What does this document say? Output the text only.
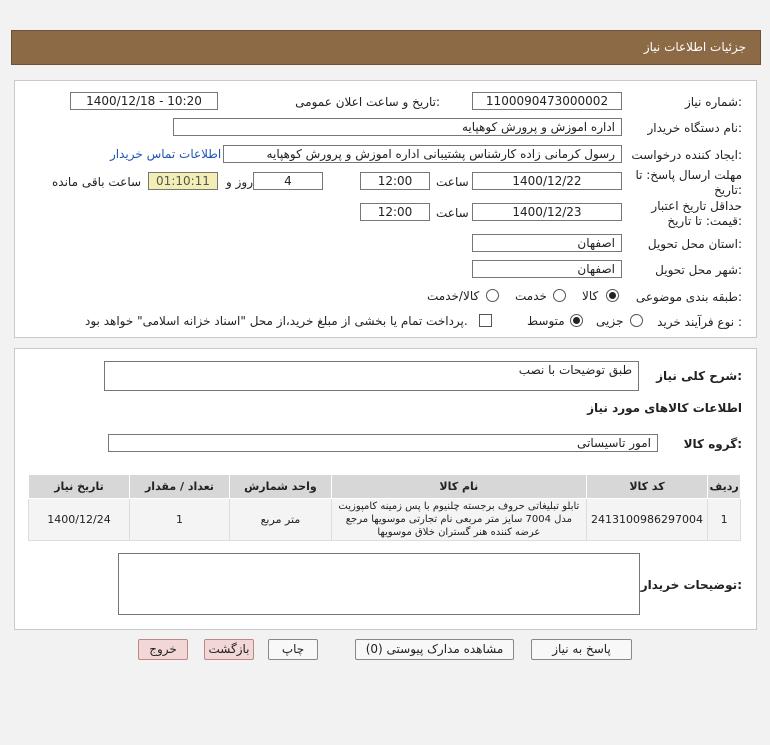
جزئیات اطلاعات نیاز
شماره نیاز:
1100090473000002
تاریخ و ساعت اعلان عمومی:
1400/12/18 - 10:20
نام دستگاه خریدار:
اداره اموزش و پرورش کوهپایه
ایجاد کننده درخواست:
رسول کرمانی زاده کارشناس پشتیبانی اداره اموزش و پرورش کوهپایه
اطلاعات تماس خریدار
مهلت ارسال پاسخ: تا تاریخ:
1400/12/22
ساعت
12:00
4
روز و
01:10:11
ساعت باقی مانده
حداقل تاریخ اعتبار قیمت: تا تاریخ:
1400/12/23
ساعت
12:00
استان محل تحویل:
اصفهان
شهر محل تحویل:
اصفهان
طبقه بندی موضوعی:
کالا
خدمت
کالا/خدمت
نوع فرآیند خرید :
جزیی
متوسط
پرداخت تمام یا بخشی از مبلغ خرید،از محل "اسناد خزانه اسلامی" خواهد بود.
شرح کلی نیاز:
طبق توضیحات با نصب
اطلاعات کالاهای مورد نیاز
گروه کالا:
امور تاسیساتی
ردیف	کد کالا	نام کالا	واحد شمارش	تعداد / مقدار	تاریخ نیاز
1	2413100986297004	تابلو تبلیغاتی حروف برجسته چلنیوم با پس زمینه کامپوزیت مدل 7004 سایز متر مربعی نام تجارتی موسویها مرجع عرضه کننده هنر گستران خلاق موسویها	متر مربع	1	1400/12/24
توضیحات خریدار:
پاسخ به نیاز
مشاهده مدارک پیوستی (0)
چاپ
بازگشت
خروج
